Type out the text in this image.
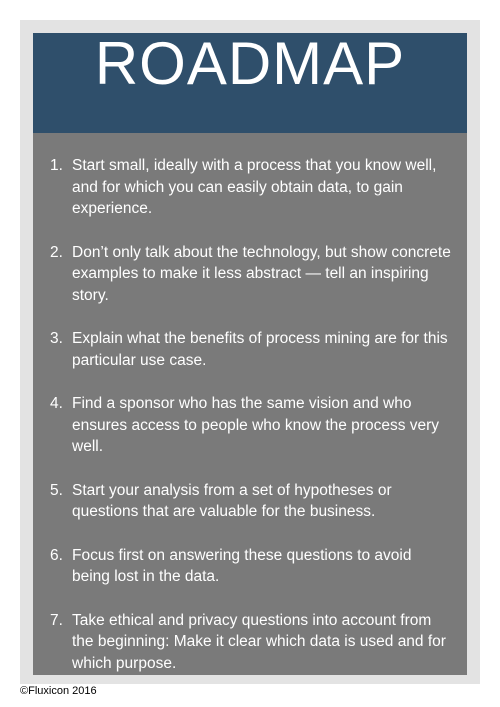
ROADMAP
1. Start small, ideally with a process that you know well, and for which you can easily obtain data, to gain experience.
2. Don’t only talk about the technology, but show concrete examples to make it less abstract — tell an inspiring story.
3. Explain what the benefits of process mining are for this particular use case.
4. Find a sponsor who has the same vision and who ensures access to people who know the process very well.
5. Start your analysis from a set of hypotheses or questions that are valuable for the business.
6. Focus first on answering these questions to avoid being lost in the data.
7. Take ethical and privacy questions into account from the beginning: Make it clear which data is used and for which purpose.
©Fluxicon 2016
